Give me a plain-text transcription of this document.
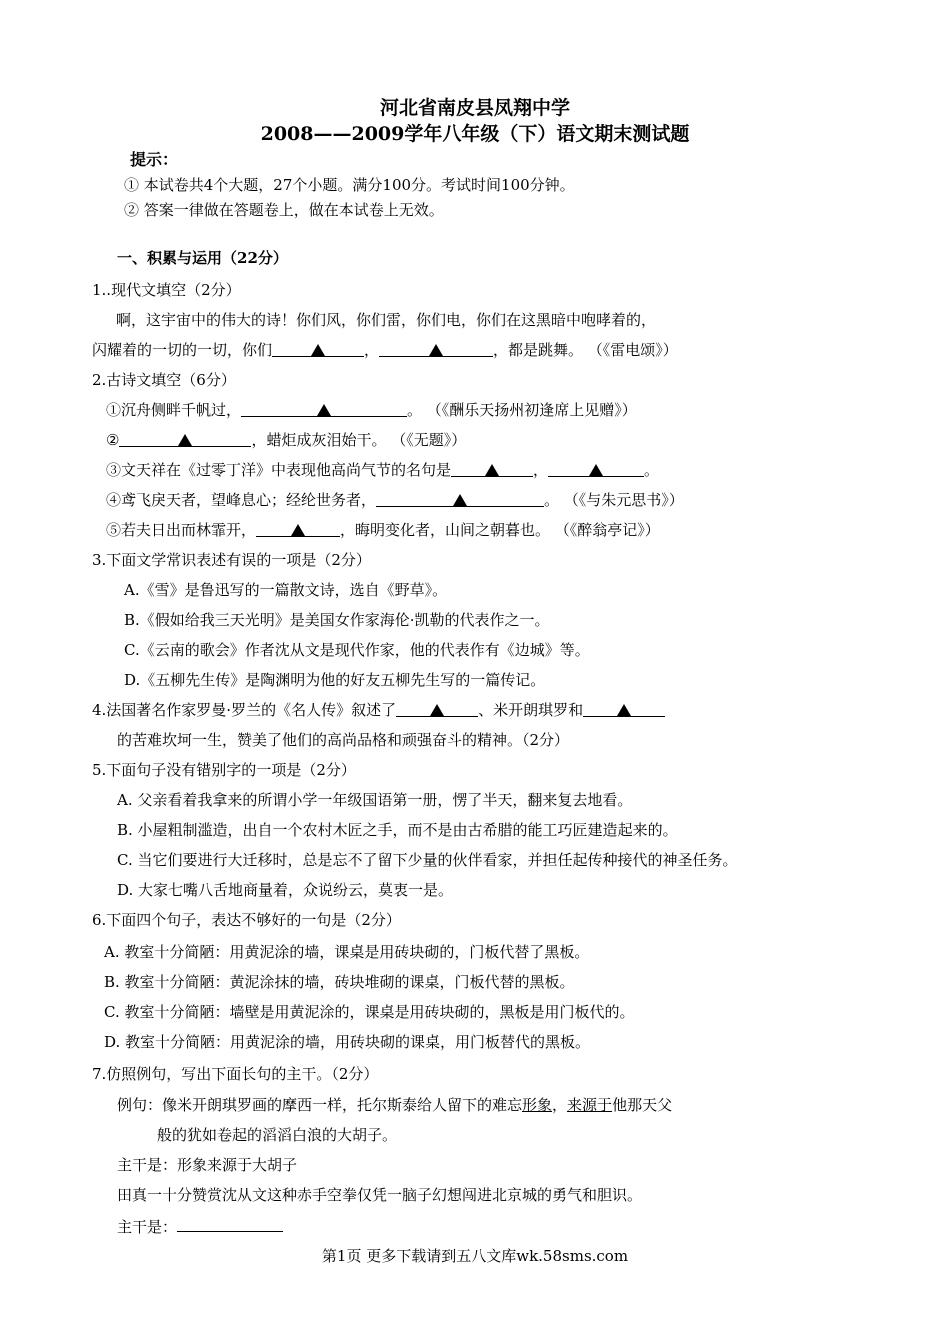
河北省南皮县凤翔中学
2008——2009学年八年级（下）语文期末测试题
提示：
① 本试卷共4个大题，27个小题。满分100分。考试时间100分钟。
② 答案一律做在答题卷上，做在本试卷上无效。
一、积累与运用（22分）
1..现代文填空（2分）
啊，这宇宙中的伟大的诗！你们风，你们雷，你们电，你们在这黑暗中咆哮着的，
闪耀着的一切的一切，你们	，	，都是跳舞。 （《雷电颂》）
2.古诗文填空（6分）
①沉舟侧畔千帆过，	。 （《酬乐天扬州初逢席上见赠》）
②	，蜡炬成灰泪始干。 （《无题》）
③文天祥在《过零丁洋》中表现他高尚气节的名句是	，	。
④鸢飞戾天者，望峰息心；经纶世务者，	。 （《与朱元思书》）
⑤若夫日出而林霏开，	，晦明变化者，山间之朝暮也。 （《醉翁亭记》）
3.下面文学常识表述有误的一项是（2分）
A.《雪》是鲁迅写的一篇散文诗，选自《野草》。
B.《假如给我三天光明》是美国女作家海伦·凯勒的代表作之一。
C.《云南的歌会》作者沈从文是现代作家，他的代表作有《边城》等。
D.《五柳先生传》是陶渊明为他的好友五柳先生写的一篇传记。
4.法国著名作家罗曼·罗兰的《名人传》叙述了	、米开朗琪罗和
的苦难坎坷一生，赞美了他们的高尚品格和顽强奋斗的精神。（2分）
5.下面句子没有错别字的一项是（2分）
A. 父亲看着我拿来的所谓小学一年级国语第一册，愣了半天，翻来复去地看。
B. 小屋粗制滥造，出自一个农村木匠之手，而不是由古希腊的能工巧匠建造起来的。
C. 当它们要进行大迁移时，总是忘不了留下少量的伙伴看家，并担任起传种接代的神圣任务。
D. 大家七嘴八舌地商量着，众说纷云，莫衷一是。
6.下面四个句子，表达不够好的一句是（2分）
A. 教室十分简陋：用黄泥涂的墙，课桌是用砖块砌的，门板代替了黑板。
B. 教室十分简陋：黄泥涂抹的墙，砖块堆砌的课桌，门板代替的黑板。
C. 教室十分简陋：墙壁是用黄泥涂的，课桌是用砖块砌的，黑板是用门板代的。
D. 教室十分简陋：用黄泥涂的墙，用砖块砌的课桌，用门板替代的黑板。
7.仿照例句，写出下面长句的主干。（2分）
例句：像米开朗琪罗画的摩西一样，托尔斯泰给人留下的难忘形象，来源于他那天父
般的犹如卷起的滔滔白浪的大胡子。
主干是：形象来源于大胡子
田真一十分赞赏沈从文这种赤手空拳仅凭一脑子幻想闯进北京城的勇气和胆识。
主干是：
第1页 更多下载请到五八文库wk.58sms.com
